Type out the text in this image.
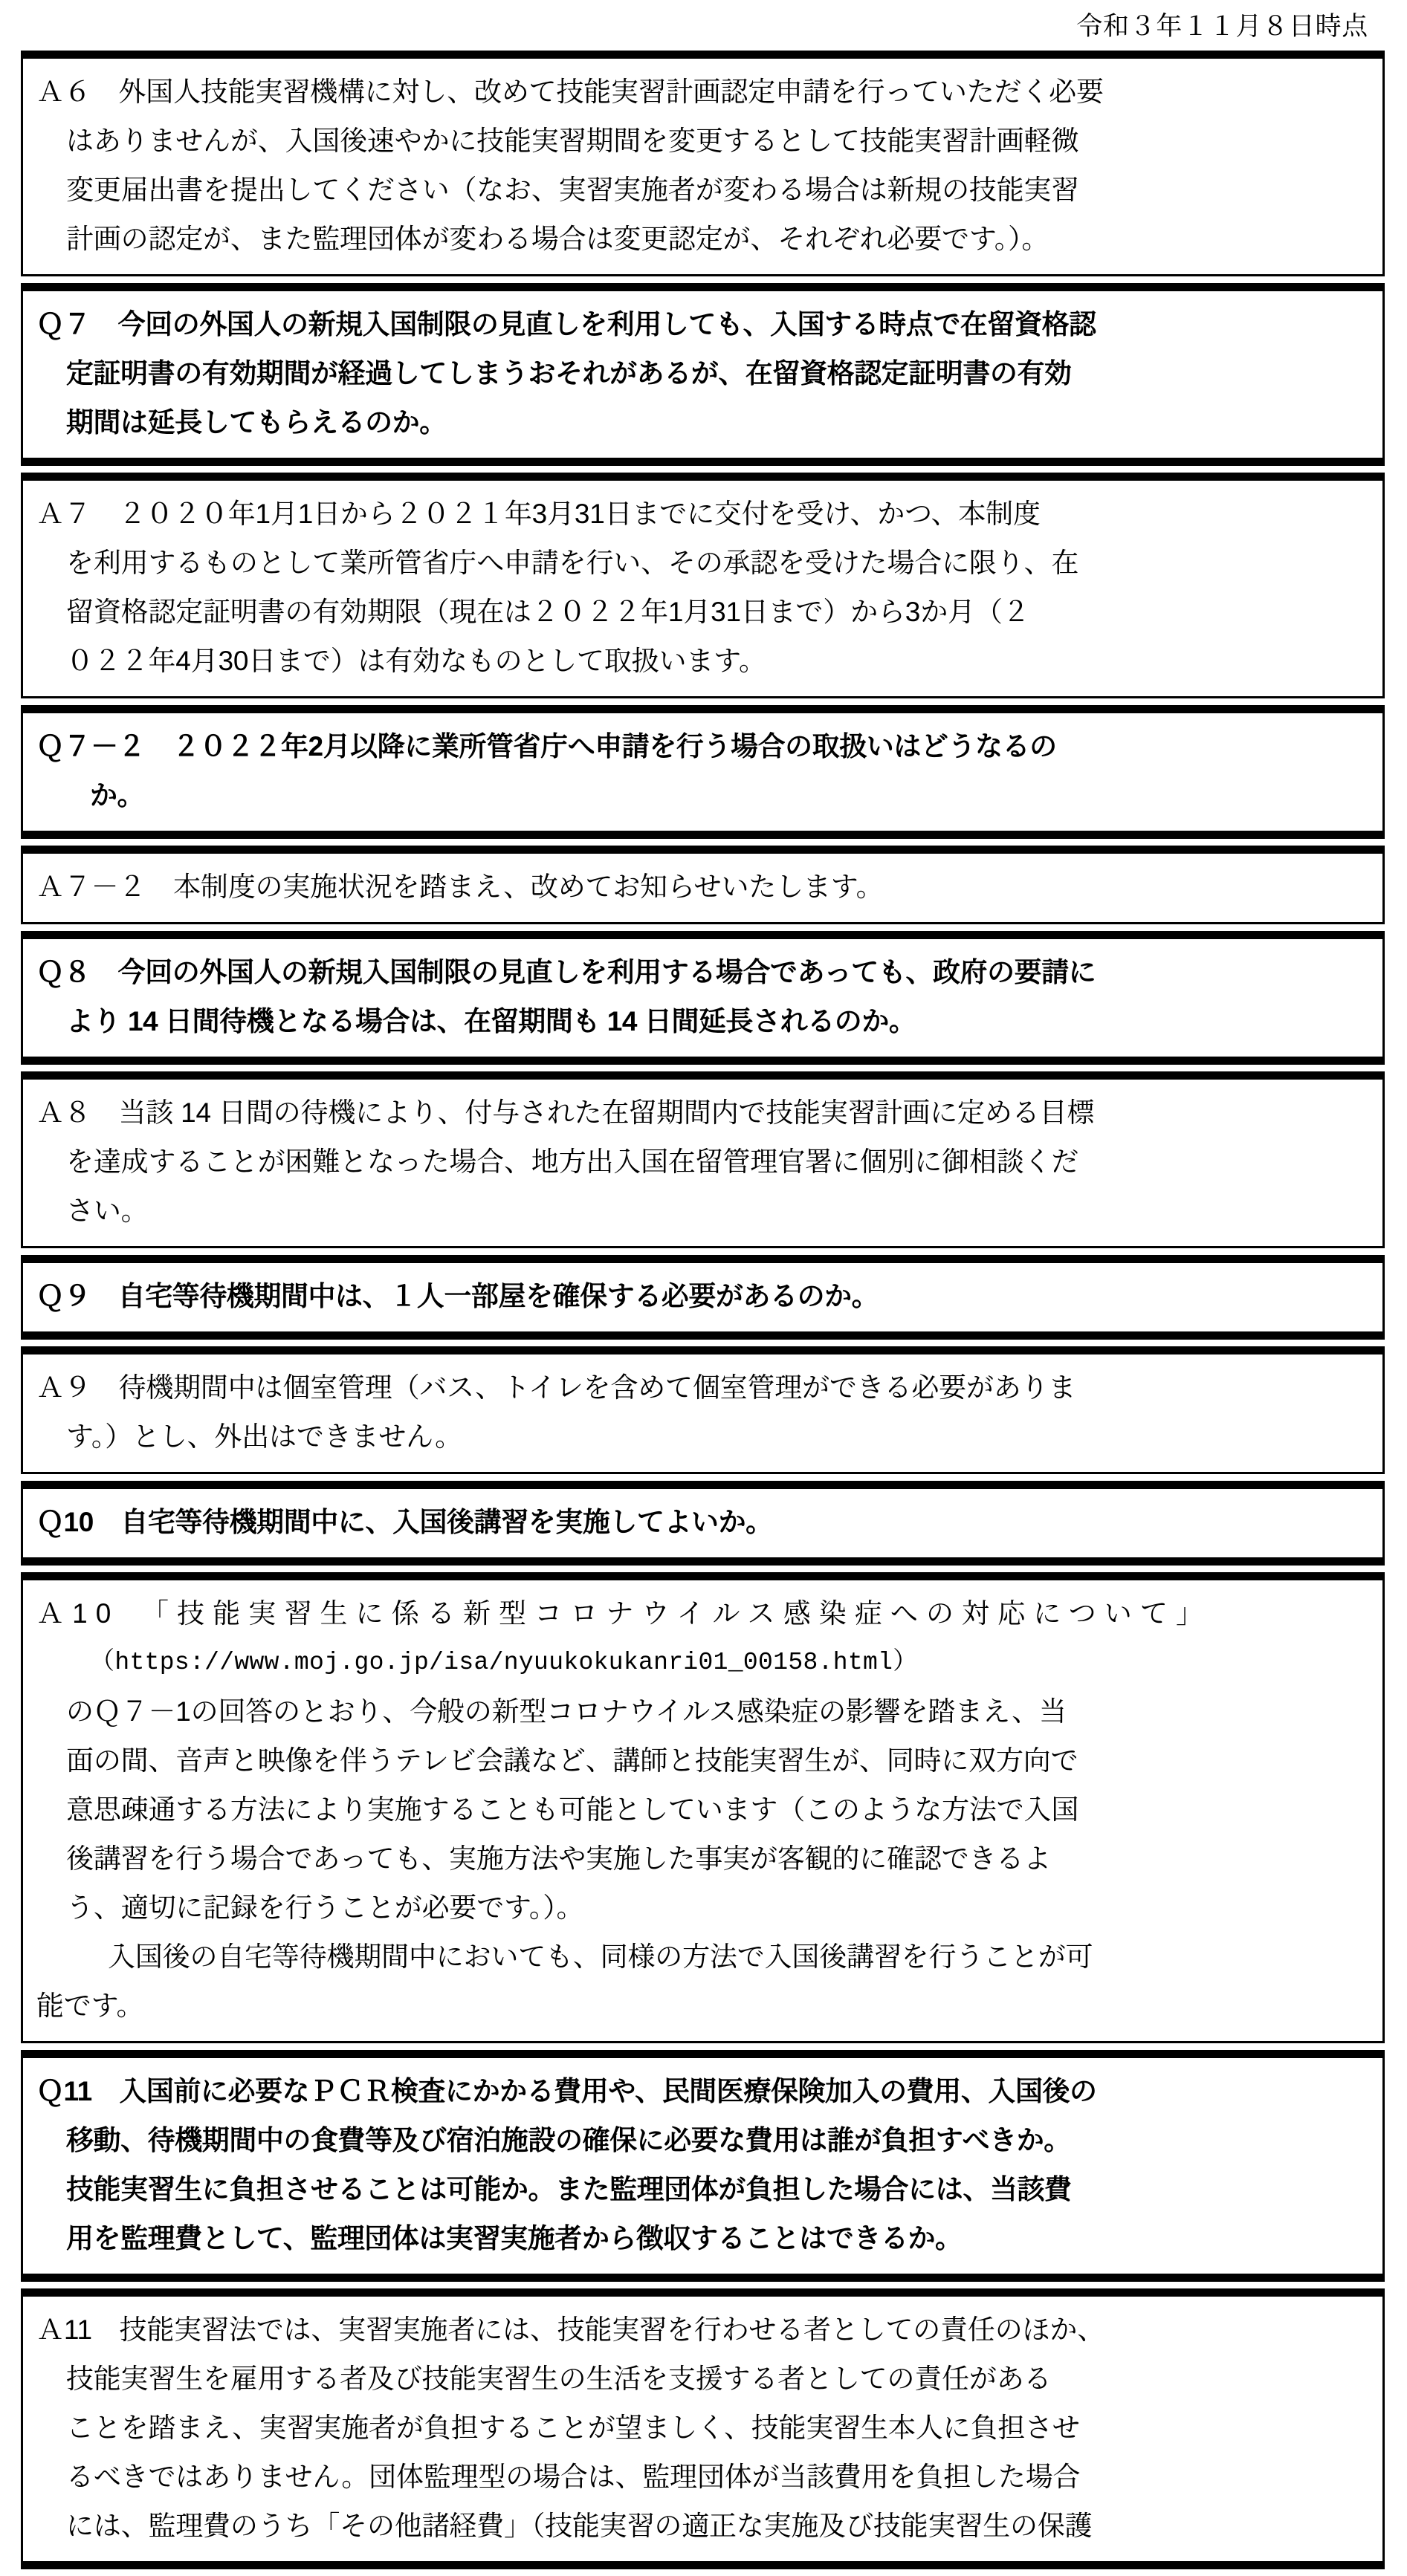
令和３年１１月８日時点
Ａ６　外国人技能実習機構に対し、改めて技能実習計画認定申請を行っていただく必要
はありませんが、入国後速やかに技能実習期間を変更するとして技能実習計画軽微
変更届出書を提出してください（なお、実習実施者が変わる場合は新規の技能実習
計画の認定が、また監理団体が変わる場合は変更認定が、それぞれ必要です。）。
Ｑ７　今回の外国人の新規入国制限の見直しを利用しても、入国する時点で在留資格認
定証明書の有効期間が経過してしまうおそれがあるが、在留資格認定証明書の有効
期間は延長してもらえるのか。
Ａ７　２０２０年1月1日から２０２１年3月31日までに交付を受け、かつ、本制度
を利用するものとして業所管省庁へ申請を行い、その承認を受けた場合に限り、在
留資格認定証明書の有効期限（現在は２０２２年1月31日まで）から3か月（２
０２２年4月30日まで）は有効なものとして取扱います。
Ｑ７－２　２０２２年2月以降に業所管省庁へ申請を行う場合の取扱いはどうなるの
か。
Ａ７－２　本制度の実施状況を踏まえ、改めてお知らせいたします。
Ｑ８　今回の外国人の新規入国制限の見直しを利用する場合であっても、政府の要請に
より 14 日間待機となる場合は、在留期間も 14 日間延長されるのか。
Ａ８　当該 14 日間の待機により、付与された在留期間内で技能実習計画に定める目標
を達成することが困難となった場合、地方出入国在留管理官署に個別に御相談くだ
さい。
Ｑ９　自宅等待機期間中は、１人一部屋を確保する必要があるのか。
Ａ９　待機期間中は個室管理（バス、トイレを含めて個室管理ができる必要がありま
す。）とし、外出はできません。
Ｑ10　自宅等待機期間中に、入国後講習を実施してよいか。
Ａ10　「技能実習生に係る新型コロナウイルス感染症への対応について」
（https://www.moj.go.jp/isa/nyuukokukanri01_00158.html）
のＱ７－1の回答のとおり、今般の新型コロナウイルス感染症の影響を踏まえ、当
面の間、音声と映像を伴うテレビ会議など、講師と技能実習生が、同時に双方向で
意思疎通する方法により実施することも可能としています（このような方法で入国
後講習を行う場合であっても、実施方法や実施した事実が客観的に確認できるよ
う、適切に記録を行うことが必要です。）。
入国後の自宅等待機期間中においても、同様の方法で入国後講習を行うことが可
能です。
Ｑ11　入国前に必要なＰＣＲ検査にかかる費用や、民間医療保険加入の費用、入国後の
移動、待機期間中の食費等及び宿泊施設の確保に必要な費用は誰が負担すべきか。
技能実習生に負担させることは可能か。また監理団体が負担した場合には、当該費
用を監理費として、監理団体は実習実施者から徴収することはできるか。
Ａ11　技能実習法では、実習実施者には、技能実習を行わせる者としての責任のほか、
技能実習生を雇用する者及び技能実習生の生活を支援する者としての責任がある
ことを踏まえ、実習実施者が負担することが望ましく、技能実習生本人に負担させ
るべきではありません。団体監理型の場合は、監理団体が当該費用を負担した場合
には、監理費のうち「その他諸経費」（技能実習の適正な実施及び技能実習生の保護
